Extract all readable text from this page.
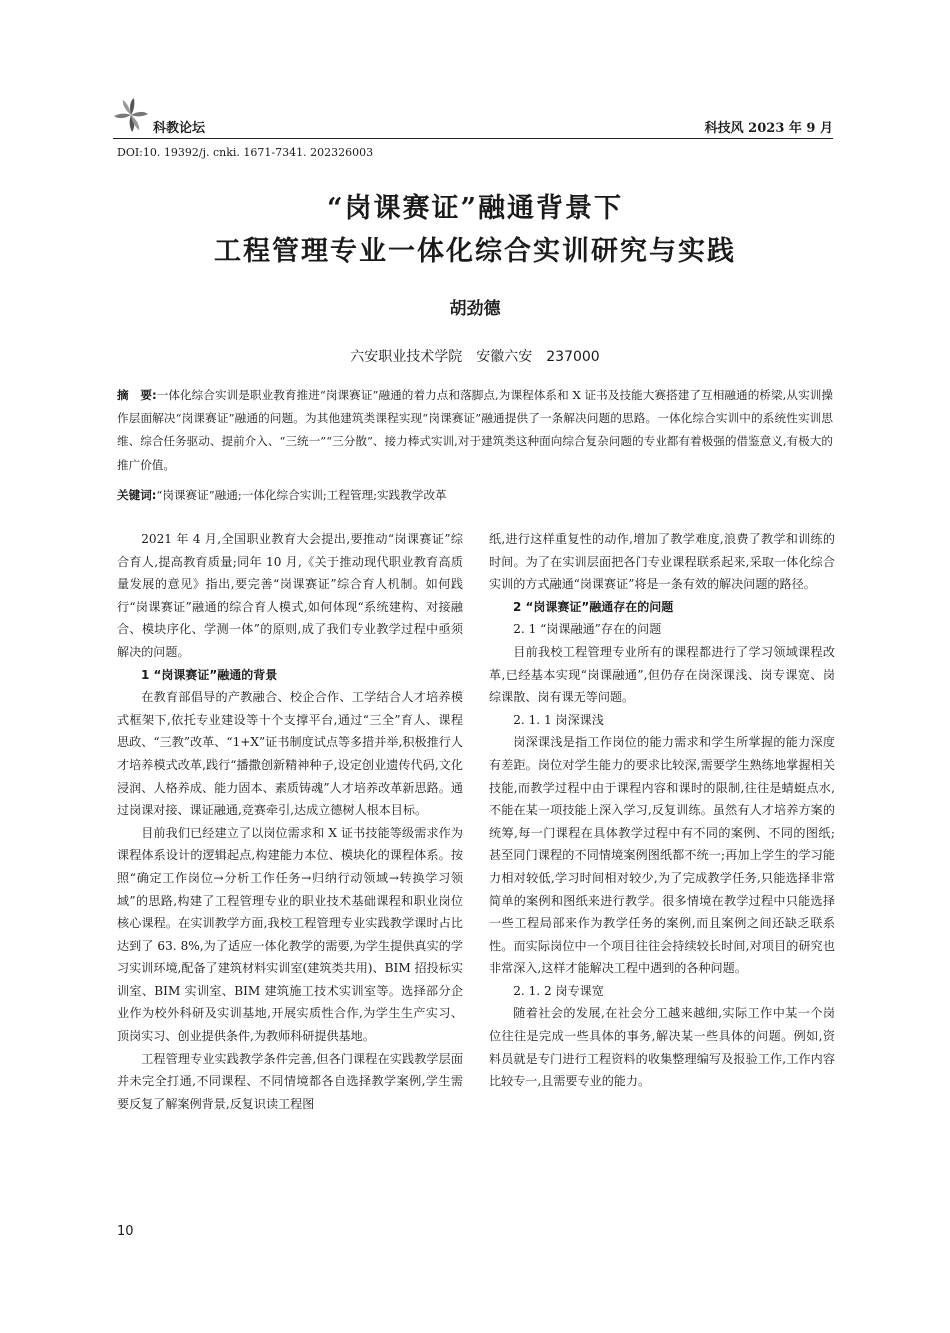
科教论坛	科技风 2023 年 9 月
DOI:10. 19392/j. cnki. 1671-7341. 202326003
“岗课赛证”融通背景下
工程管理专业一体化综合实训研究与实践
胡劲德
六安职业技术学院　安徽六安　237000
摘　要:一体化综合实训是职业教育推进“岗课赛证”融通的着力点和落脚点,为课程体系和 X 证书及技能大赛搭建了互相融通的桥梁,从实训操作层面解决“岗课赛证”融通的问题。为其他建筑类课程实现“岗课赛证”融通提供了一条解决问题的思路。一体化综合实训中的系统性实训思维、综合任务驱动、提前介入、“三统一”“三分散”、接力棒式实训,对于建筑类这种面向综合复杂问题的专业都有着极强的借鉴意义,有极大的推广价值。
关键词:“岗课赛证”融通;一体化综合实训;工程管理;实践教学改革

2021 年 4 月,全国职业教育大会提出,要推动“岗课赛证”综合育人,提高教育质量;同年 10 月,《关于推动现代职业教育高质量发展的意见》指出,要完善“岗课赛证”综合育人机制。如何践行“岗课赛证”融通的综合育人模式,如何体现“系统建构、对接融合、模块序化、学测一体”的原则,成了我们专业教学过程中亟须解决的问题。

1 “岗课赛证”融通的背景

在教育部倡导的产教融合、校企合作、工学结合人才培养模式框架下,依托专业建设等十个支撑平台,通过“三全”育人、课程思政、“三教”改革、“1+X”证书制度试点等多措并举,积极推行人才培养模式改革,践行“播撒创新精神种子,设定创业遗传代码,文化浸润、人格养成、能力固本、素质铸魂”人才培养改革新思路。通过岗课对接、课证融通,竞赛牵引,达成立德树人根本目标。

目前我们已经建立了以岗位需求和 X 证书技能等级需求作为课程体系设计的逻辑起点,构建能力本位、模块化的课程体系。按照“确定工作岗位→分析工作任务→归纳行动领域→转换学习领域”的思路,构建了工程管理专业的职业技术基础课程和职业岗位核心课程。在实训教学方面,我校工程管理专业实践教学课时占比达到了 63. 8%,为了适应一体化教学的需要,为学生提供真实的学习实训环境,配备了建筑材料实训室(建筑类共用)、BIM 招投标实训室、BIM 实训室、BIM 建筑施工技术实训室等。选择部分企业作为校外科研及实训基地,开展实质性合作,为学生生产实习、顶岗实习、创业提供条件,为教师科研提供基地。

工程管理专业实践教学条件完善,但各门课程在实践教学层面并未完全打通,不同课程、不同情境都各自选择教学案例,学生需要反复了解案例背景,反复识读工程图

纸,进行这样重复性的动作,增加了教学难度,浪费了教学和训练的时间。为了在实训层面把各门专业课程联系起来,采取一体化综合实训的方式融通“岗课赛证”将是一条有效的解决问题的路径。

2 “岗课赛证”融通存在的问题
2. 1 “岗课融通”存在的问题

目前我校工程管理专业所有的课程都进行了学习领域课程改革,已经基本实现“岗课融通”,但仍存在岗深课浅、岗专课宽、岗综课散、岗有课无等问题。

2. 1. 1 岗深课浅

岗深课浅是指工作岗位的能力需求和学生所掌握的能力深度有差距。岗位对学生能力的要求比较深,需要学生熟练地掌握相关技能,而教学过程中由于课程内容和课时的限制,往往是蜻蜓点水,不能在某一项技能上深入学习,反复训练。虽然有人才培养方案的统筹,每一门课程在具体教学过程中有不同的案例、不同的图纸;甚至同门课程的不同情境案例图纸都不统一;再加上学生的学习能力相对较低,学习时间相对较少,为了完成教学任务,只能选择非常简单的案例和图纸来进行教学。很多情境在教学过程中只能选择一些工程局部来作为教学任务的案例,而且案例之间还缺乏联系性。而实际岗位中一个项目往往会持续较长时间,对项目的研究也非常深入,这样才能解决工程中遇到的各种问题。

2. 1. 2 岗专课宽

随着社会的发展,在社会分工越来越细,实际工作中某一个岗位往往是完成一些具体的事务,解决某一些具体的问题。例如,资料员就是专门进行工程资料的收集整理编写及报验工作,工作内容比较专一,且需要专业的能力。

10
